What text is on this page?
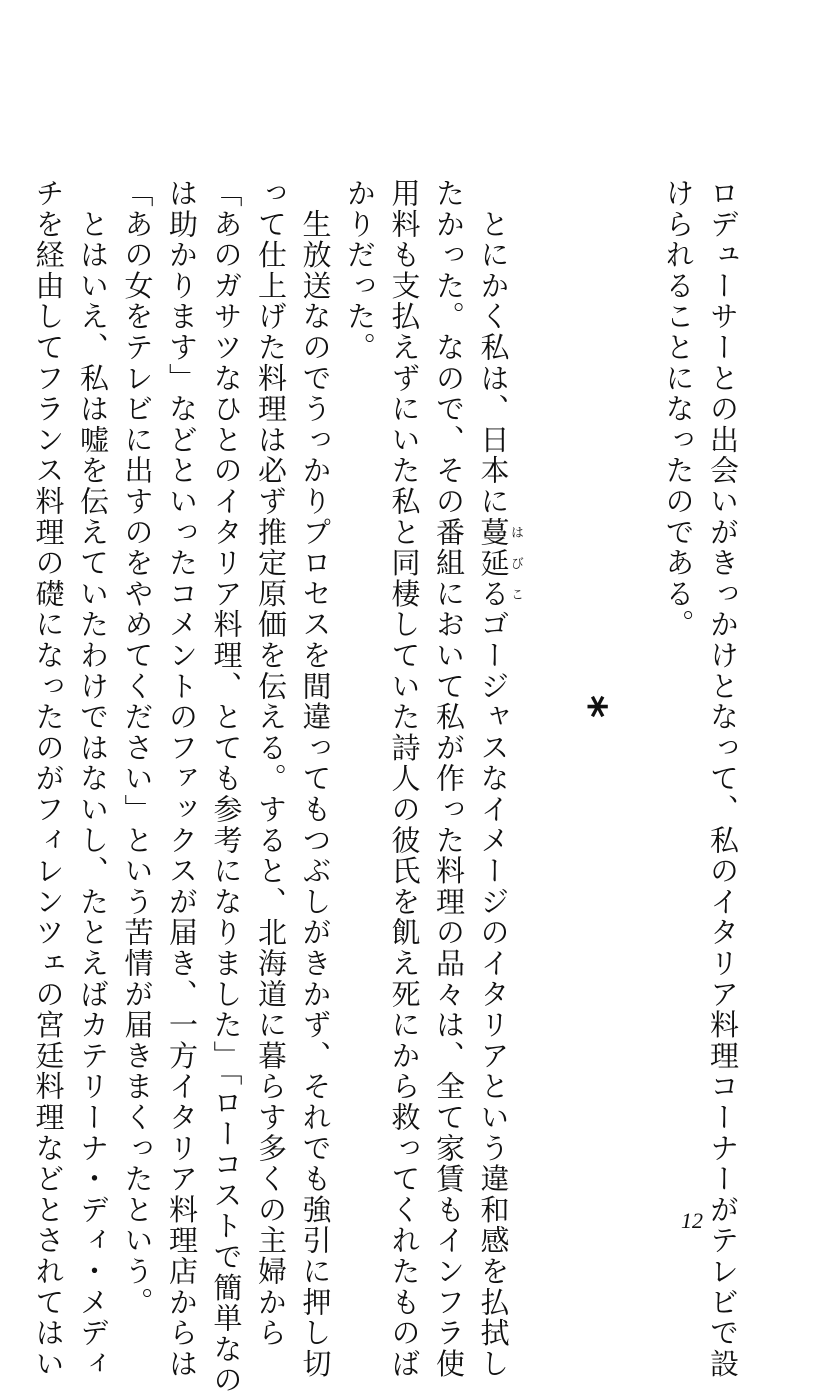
ロデューサーとの出会いがきっかけとなって、私のイタリア料理コーナーがテレビで設
けられることになったのである。
*
　とにかく私は、日本に蔓延るはびこゴージャスなイメージのイタリアという違和感を払拭し
たかった。なので、その番組において私が作った料理の品々は、全て家賃もインフラ使
用料も支払えずにいた私と同棲していた詩人の彼氏を飢え死にから救ってくれたものば
かりだった。
　生放送なのでうっかりプロセスを間違ってもつぶしがきかず、それでも強引に押し切
って仕上げた料理は必ず推定原価を伝える。すると、北海道に暮らす多くの主婦から
「あのガサツなひとのイタリア料理、とても参考になりました」「ローコストで簡単なの
は助かります」などといったコメントのファックスが届き、一方イタリア料理店からは
「あの女をテレビに出すのをやめてください」という苦情が届きまくったという。
　とはいえ、私は嘘を伝えていたわけではないし、たとえばカテリーナ・ディ・メディ
チを経由してフランス料理の礎になったのがフィレンツェの宮廷料理などとされてはい	12
